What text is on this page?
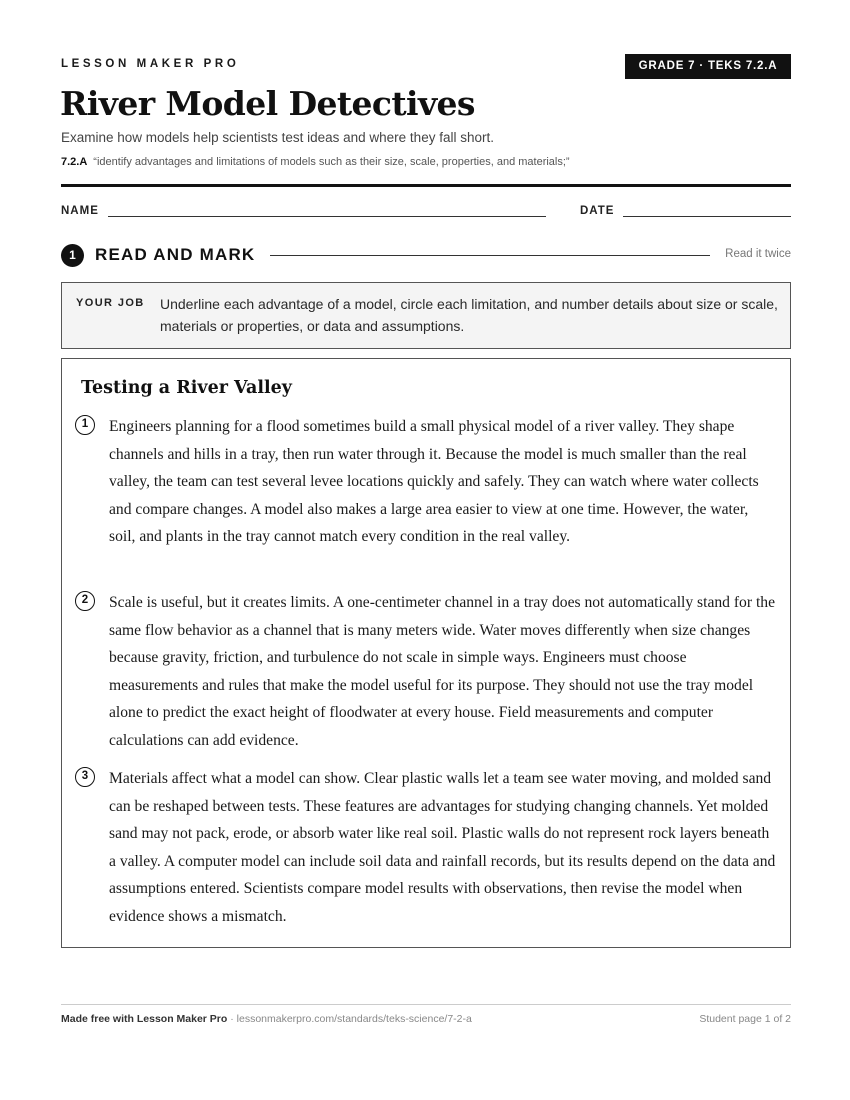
LESSON MAKER PRO	GRADE 7 · TEKS 7.2.A
River Model Detectives
Examine how models help scientists test ideas and where they fall short.
7.2.A “identify advantages and limitations of models such as their size, scale, properties, and materials;”
NAME	DATE
1	READ AND MARK	Read it twice
YOUR JOB Underline each advantage of a model, circle each limitation, and number details about size or scale, materials or properties, or data and assumptions.
Testing a River Valley
1	Engineers planning for a flood sometimes build a small physical model of a river valley. They shape channels and hills in a tray, then run water through it. Because the model is much smaller than the real valley, the team can test several levee locations quickly and safely. They can watch where water collects and compare changes. A model also makes a large area easier to view at one time. However, the water, soil, and plants in the tray cannot match every condition in the real valley.

2	Scale is useful, but it creates limits. A one-centimeter channel in a tray does not automatically stand for the same flow behavior as a channel that is many meters wide. Water moves differently when size changes because gravity, friction, and turbulence do not scale in simple ways. Engineers must choose measurements and rules that make the model useful for its purpose. They should not use the tray model alone to predict the exact height of floodwater at every house. Field measurements and computer calculations can add evidence.

3	Materials affect what a model can show. Clear plastic walls let a team see water moving, and molded sand can be reshaped between tests. These features are advantages for studying changing channels. Yet molded sand may not pack, erode, or absorb water like real soil. Plastic walls do not represent rock layers beneath a valley. A computer model can include soil data and rainfall records, but its results depend on the data and assumptions entered. Scientists compare model results with observations, then revise the model when evidence shows a mismatch.

Made free with Lesson Maker Pro · lessonmakerpro.com/standards/teks-science/7-2-a	Student page 1 of 2
